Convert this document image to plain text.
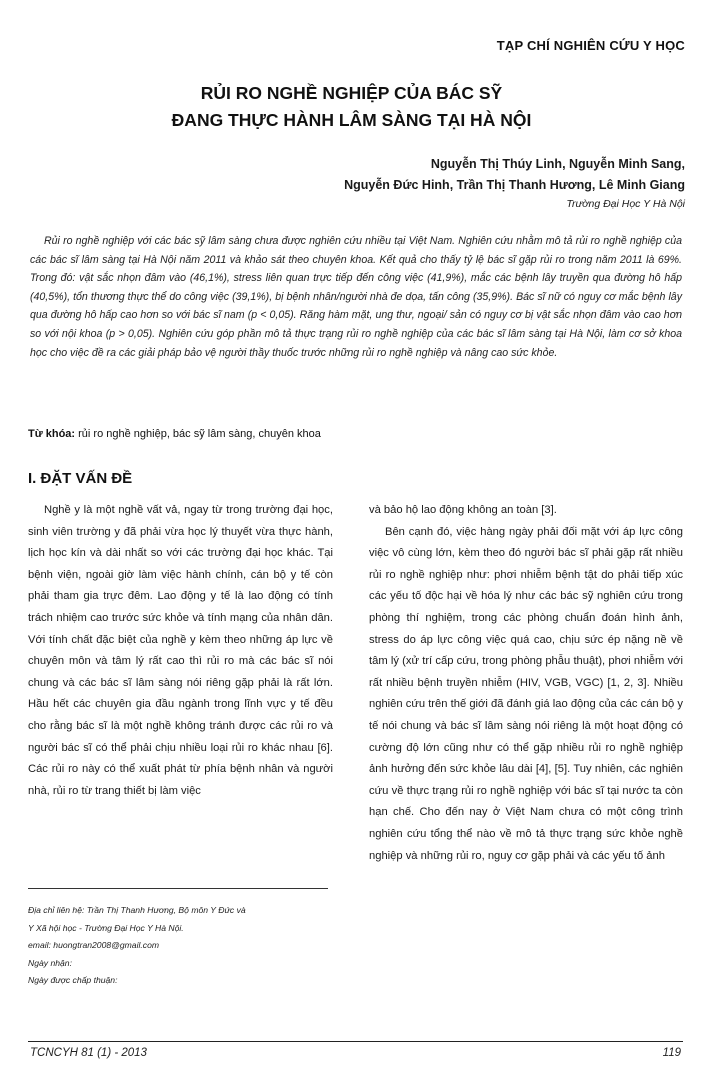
TẠP CHÍ NGHIÊN CỨU Y HỌC
RỦI RO NGHỀ NGHIỆP CỦA BÁC SỸ
ĐANG THỰC HÀNH LÂM SÀNG TẠI HÀ NỘI
Nguyễn Thị Thúy Linh, Nguyễn Minh Sang,
Nguyễn Đức Hinh, Trần Thị Thanh Hương, Lê Minh Giang
Trường Đại Học Y Hà Nội

Rủi ro nghề nghiệp với các bác sỹ lâm sàng chưa được nghiên cứu nhiều tại Việt Nam. Nghiên cứu nhằm mô tả rủi ro nghề nghiệp của các bác sĩ lâm sàng tại Hà Nội năm 2011 và khảo sát theo chuyên khoa. Kết quả cho thấy tỷ lệ bác sĩ gặp rủi ro trong năm 2011 là 69%. Trong đó: vật sắc nhọn đâm vào (46,1%), stress liên quan trực tiếp đến công việc (41,9%), mắc các bệnh lây truyền qua đường hô hấp (40,5%), tổn thương thực thể do công việc (39,1%), bị bệnh nhân/người nhà đe dọa, tấn công (35,9%). Bác sĩ nữ có nguy cơ mắc bệnh lây qua đường hô hấp cao hơn so với bác sĩ nam (p < 0,05). Răng hàm mặt, ung thư, ngoại/ sản có nguy cơ bị vật sắc nhọn đâm vào cao hơn so với nội khoa (p > 0,05). Nghiên cứu góp phần mô tả thực trạng rủi ro nghề nghiệp của các bác sĩ lâm sàng tại Hà Nội, làm cơ sở khoa học cho việc đề ra các giải pháp bảo vệ người thầy thuốc trước những rủi ro nghề nghiệp và nâng cao sức khỏe.

Từ khóa: rủi ro nghề nghiệp, bác sỹ lâm sàng, chuyên khoa
I. ĐẶT VẤN ĐỀ

Nghề y là một nghề vất vả, ngay từ trong trường đại học, sinh viên trường y đã phải vừa học lý thuyết vừa thực hành, lịch học kín và dài nhất so với các trường đại học khác. Tại bệnh viện, ngoài giờ làm việc hành chính, cán bộ y tế còn phải tham gia trực đêm. Lao động y tế là lao động có tính trách nhiệm cao trước sức khỏe và tính mạng của nhân dân. Với tính chất đặc biệt của nghề y kèm theo những áp lực về chuyên môn và tâm lý rất cao thì rủi ro mà các bác sĩ nói chung và các bác sĩ lâm sàng nói riêng gặp phải là rất lớn. Hầu hết các chuyên gia đầu ngành trong lĩnh vực y tế đều cho rằng bác sĩ là một nghề không tránh được các rủi ro và người bác sĩ có thể phải chịu nhiều loại rủi ro khác nhau [6]. Các rủi ro này có thể xuất phát từ phía bệnh nhân và người nhà, rủi ro từ trang thiết bị làm việc

và bảo hộ lao động không an toàn [3].

Bên cạnh đó, việc hàng ngày phải đối mặt với áp lực công việc vô cùng lớn, kèm theo đó người bác sĩ phải gặp rất nhiều rủi ro nghề nghiệp như: phơi nhiễm bệnh tật do phải tiếp xúc các yếu tố độc hại về hóa lý như các bác sỹ nghiên cứu trong phòng thí nghiệm, trong các phòng chuẩn đoán hình ảnh, stress do áp lực công việc quá cao, chịu sức ép nặng nề về tâm lý (xử trí cấp cứu, trong phòng phẫu thuật), phơi nhiễm với rất nhiều bệnh truyền nhiễm (HIV, VGB, VGC) [1, 2, 3]. Nhiều nghiên cứu trên thế giới đã đánh giá lao động của các cán bộ y tế nói chung và bác sĩ lâm sàng nói riêng là một hoạt động có cường độ lớn cũng như có thể gặp nhiều rủi ro nghề nghiệp ảnh hưởng đến sức khỏe lâu dài [4], [5]. Tuy nhiên, các nghiên cứu về thực trạng rủi ro nghề nghiệp với bác sĩ tại nước ta còn hạn chế. Cho đến nay ở Việt Nam chưa có một công trình nghiên cứu tổng thể nào về mô tả thực trạng sức khỏe nghề nghiệp và những rủi ro, nguy cơ gặp phải và các yếu tố ảnh

Địa chỉ liên hệ: Trần Thị Thanh Hương, Bộ môn Y Đức và
Y Xã hội học - Trường Đại Học Y Hà Nội.
email: huongtran2008@gmail.com
Ngày nhận:
Ngày được chấp thuận:
TCNCYH 81 (1) - 2013	119
